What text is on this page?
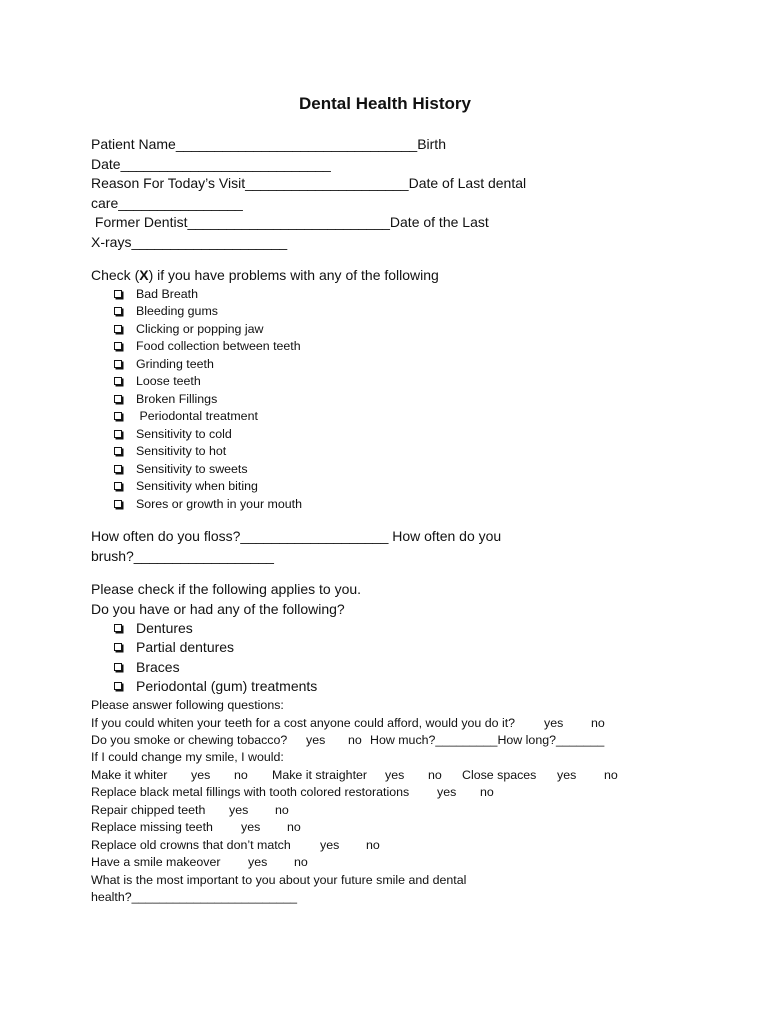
Dental Health History
Patient Name_______________________________Birth
Date___________________________
Reason For Today’s Visit_____________________Date of Last dental
care________________
Former Dentist__________________________Date of the Last
X-rays____________________
Check (X) if you have problems with any of the following
Bad Breath
Bleeding gums
Clicking or popping jaw
Food collection between teeth
Grinding teeth
Loose teeth
Broken Fillings
Periodontal treatment
Sensitivity to cold
Sensitivity to hot
Sensitivity to sweets
Sensitivity when biting
Sores or growth in your mouth
How often do you floss?___________________ How often do you
brush?__________________
Please check if the following applies to you.
Do you have or had any of the following?
Dentures
Partial dentures
Braces
Periodontal (gum) treatments
Please answer following questions:
If you could whiten your teeth for a cost anyone could afford, would you do it? yes no
Do you smoke or chewing tobacco? yes no How much?_________How long?_______
If I could change my smile, I would:
Make it whiter yes no Make it straighter yes no Close spaces yes no
Replace black metal fillings with tooth colored restorations yes no
Repair chipped teeth yes no
Replace missing teeth yes no
Replace old crowns that don’t match yes no
Have a smile makeover yes no
What is the most important to you about your future smile and dental
health?________________________
